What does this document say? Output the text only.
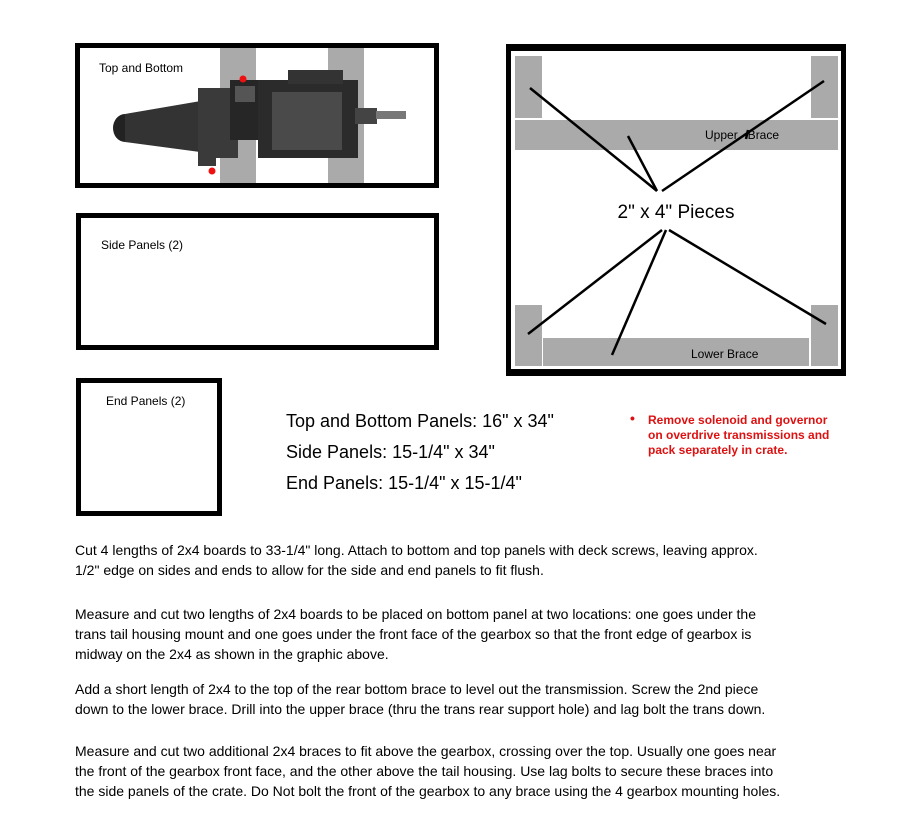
Top and Bottom
Side Panels (2)
End Panels (2)
2" x 4" Pieces
Upper   Brace
Lower Brace
Top and Bottom Panels: 16" x 34"
Side Panels: 15-1/4" x 34"
End Panels: 15-1/4" x 15-1/4"
•	Remove solenoid and governor
on overdrive transmissions and
pack separately in crate.
Cut 4 lengths of 2x4 boards to 33-1/4" long. Attach to bottom and top panels with deck screws, leaving approx.
1/2" edge on sides and ends to allow for the side and end panels to fit flush.
Measure and cut two lengths of 2x4 boards to be placed on bottom panel at two locations: one goes under the
trans tail housing mount and one goes under the front face of the gearbox so that the front edge of gearbox is
midway on the 2x4 as shown in the graphic above.
Add a short length of 2x4 to the top of the rear bottom brace to level out the transmission. Screw the 2nd piece
down to the lower brace. Drill into the upper brace (thru the trans rear support hole) and lag bolt the trans down.
Measure and cut two additional 2x4 braces to fit above the gearbox, crossing over the top. Usually one goes near
the front of the gearbox front face, and the other above the tail housing. Use lag bolts to secure these braces into
the side panels of the crate. Do Not bolt the front of the gearbox to any brace using the 4 gearbox mounting holes.
